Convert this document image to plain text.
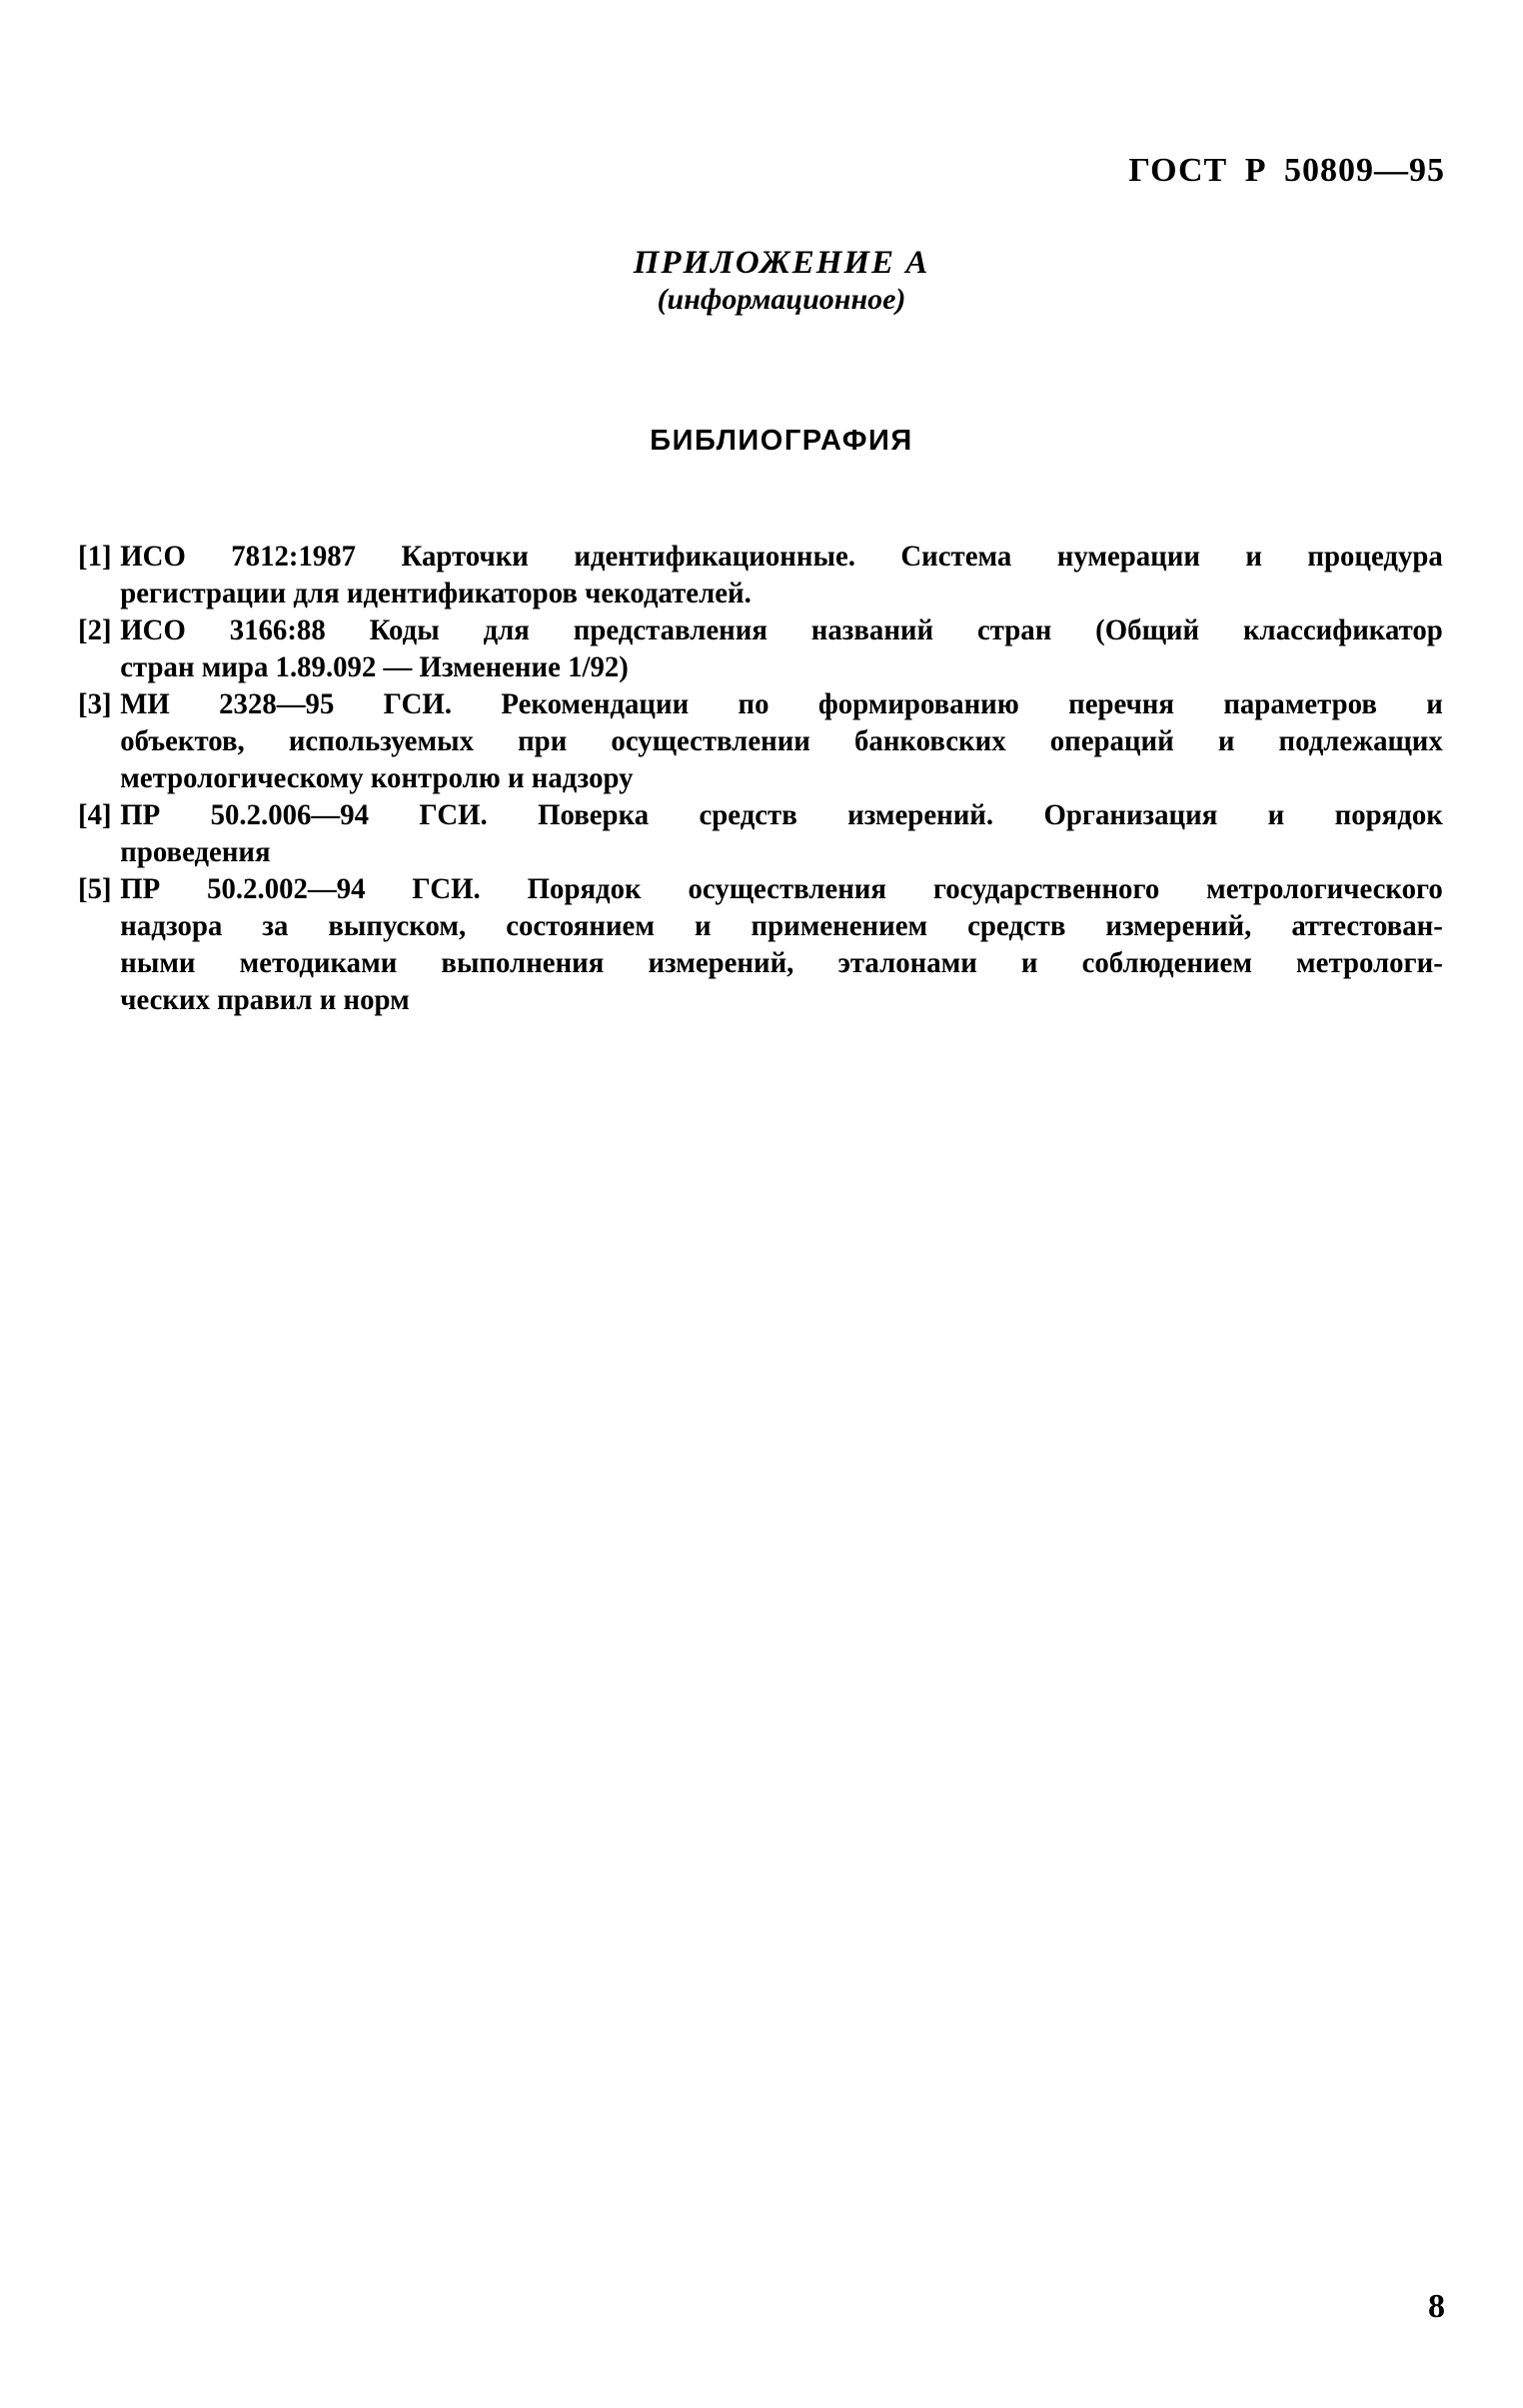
ГОСТ Р 50809—95
ПРИЛОЖЕНИЕ А
(информационное)
БИБЛИОГРАФИЯ
[1] ИСО 7812:1987 Карточки идентификационные. Система нумерации и процедура
регистрации для идентификаторов чекодателей.
[2] ИСО 3166:88 Коды для представления названий стран (Общий классификатор
стран мира 1.89.092 — Изменение 1/92)
[3] МИ 2328—95 ГСИ. Рекомендации по формированию перечня параметров и
объектов, используемых при осуществлении банковских операций и подлежащих
метрологическому контролю и надзору
[4] ПР 50.2.006—94 ГСИ. Поверка средств измерений. Организация и порядок
проведения
[5] ПР 50.2.002—94 ГСИ. Порядок осуществления государственного метрологического
надзора за выпуском, состоянием и применением средств измерений, аттестован-
ными методиками выполнения измерений, эталонами и соблюдением метрологи-
ческих правил и норм
8
